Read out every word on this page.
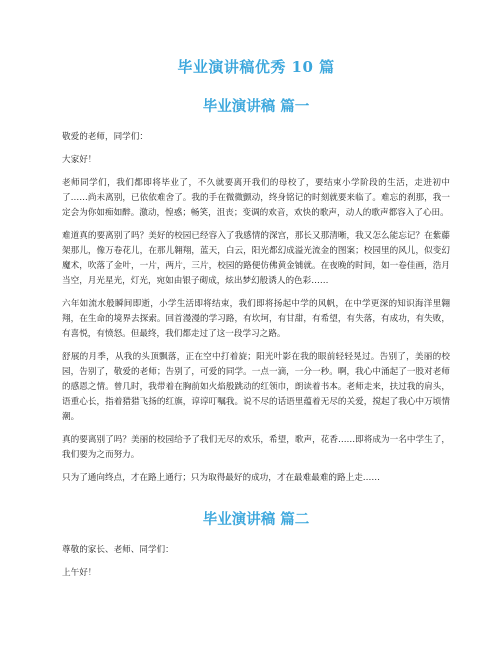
毕业演讲稿优秀 10 篇
毕业演讲稿 篇一

敬爱的老师，同学们：

大家好！

老师同学们，我们都即将毕业了，不久就要离开我们的母校了，要结束小学阶段的生活，走进初中了……尚未离别，已依依难舍了。我的手在微微颤动，终身铭记的时刻就要来临了。难忘的刹那，我一定会为你如痴如醉。激动，惶惑；畅笑，沮丧；变调的欢音，欢快的歌声，动人的歌声都容入了心田。

难道真的要离别了吗？美好的校园已经容入了我感情的深宫，那长又那清晰，我又怎么能忘记？在紫藤架那儿，像万卷花儿，在那儿翱翔，蓝天，白云，阳光都幻成溢光流金的图案；校园里的风儿，似变幻魔术，吹落了金叶，一片，两片，三片，校园的路便仿佛黄金铺就。在夜晚的时间，如一卷佳画，浩月当空，月光星光，灯光，宛如由银子砌成，炫出梦幻般诱人的色彩……

六年如流水般瞬间即逝，小学生活即将结束，我们即将扬起中学的风帆，在中学更深的知识海洋里翱翔，在生命的境界去探索。回首漫漫的学习路，有坎坷，有甘甜，有希望，有失落，有成功，有失败，有喜悦，有愤怒。但最终，我们都走过了这一段学习之路。

舒展的月季，从我的头顶飘落，正在空中打着旋；阳光叶影在我的眼前轻轻晃过。告别了，美丽的校园，告别了，敬爱的老师；告别了，可爱的同学。一点一滴，一分一秒。啊，我心中涌起了一股对老师的感恩之情。曾几时，我带着在胸前如火焰般跳动的红领巾，朗读着书本。老师走来，扶过我的肩头，语重心长，指着猎猎飞扬的红旗，谆谆叮嘱我。说不尽的话语里蕴着无尽的关爱，搅起了我心中万顷情潮。

真的要离别了吗？美丽的校园给予了我们无尽的欢乐，希望，歌声，花香……即将成为一名中学生了，我们要为之而努力。

只为了通向终点，才在路上通行；只为取得最好的成功，才在最难最难的路上走……

毕业演讲稿 篇二

尊敬的家长、老师、同学们：

上午好！
